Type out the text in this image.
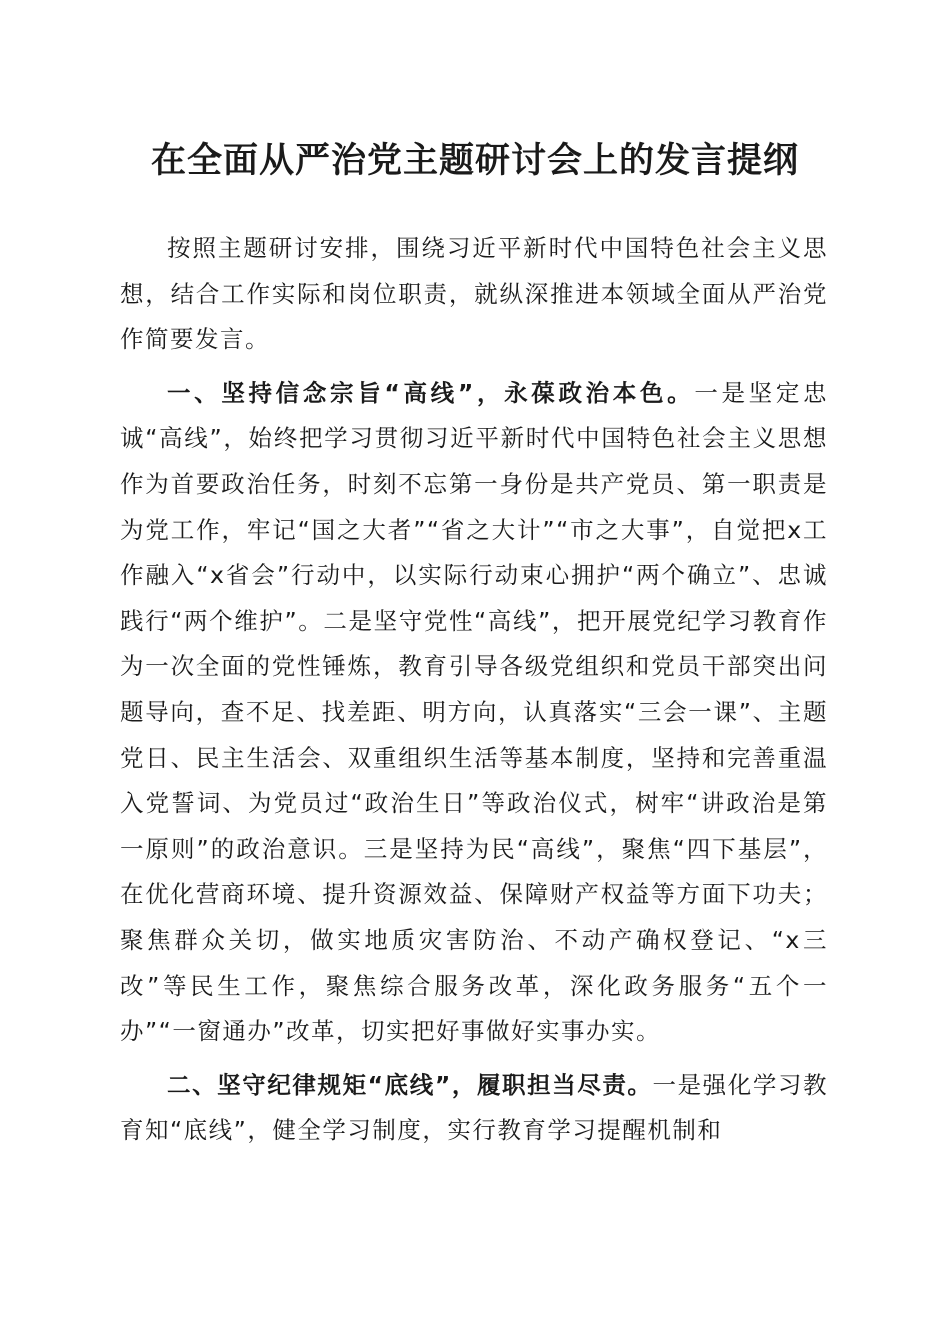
在全面从严治党主题研讨会上的发言提纲

按照主题研讨安排，围绕习近平新时代中国特色社会主义思想，结合工作实际和岗位职责，就纵深推进本领域全面从严治党作简要发言。

一、坚持信念宗旨“高线”，永葆政治本色。一是坚定忠诚“高线”，始终把学习贯彻习近平新时代中国特色社会主义思想作为首要政治任务，时刻不忘第一身份是共产党员、第一职责是为党工作，牢记“国之大者”“省之大计”“市之大事”，自觉把x工作融入“x省会”行动中，以实际行动束心拥护“两个确立”、忠诚践行“两个维护”。二是坚守党性“高线”，把开展党纪学习教育作为一次全面的党性锤炼，教育引导各级党组织和党员干部突出问题导向，查不足、找差距、明方向，认真落实“三会一课”、主题党日、民主生活会、双重组织生活等基本制度，坚持和完善重温入党誓词、为党员过“政治生日”等政治仪式，树牢“讲政治是第一原则”的政治意识。三是坚持为民“高线”，聚焦“四下基层”，在优化营商环境、提升资源效益、保障财产权益等方面下功夫；聚焦群众关切，做实地质灾害防治、不动产确权登记、“x三改”等民生工作，聚焦综合服务改革，深化政务服务“五个一办”“一窗通办”改革，切实把好事做好实事办实。

二、坚守纪律规矩“底线”，履职担当尽责。一是强化学习教育知“底线”，健全学习制度，实行教育学习提醒机制和
